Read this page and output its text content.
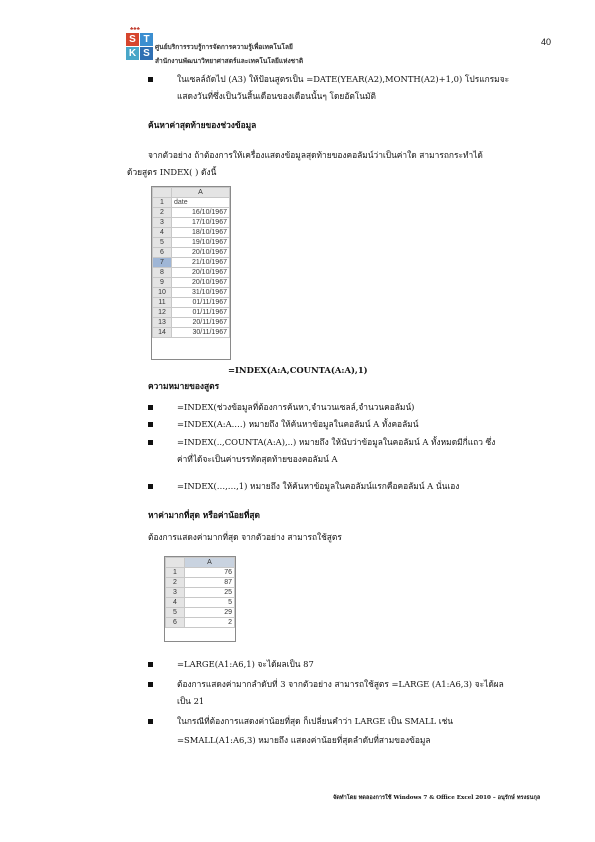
40
♣♣♣
S T
K S
ศูนย์บริการรวบรู้การจัดการความรู้เพื่อเทคโนโลยี
สำนักงานพัฒนาวิทยาศาสตร์และเทคโนโลยีแห่งชาติ
ในเซลล์ถัดไป (A3) ให้ป้อนสูตรเป็น =DATE(YEAR(A2),MONTH(A2)+1,0) โปรแกรมจะ
แสดงวันที่ซึ่งเป็นวันสิ้นเดือนของเดือนนั้นๆ โดยอัตโนมัติ
ค้นหาค่าสุดท้ายของช่วงข้อมูล
จากตัวอย่าง ถ้าต้องการให้เครื่องแสดงข้อมูลสุดท้ายของคอลัมน์ว่าเป็นค่าใด สามารถกระทำได้
ด้วยสูตร INDEX( ) ดังนี้
	A
1	date
2	16/10/1967
3	17/10/1967
4	18/10/1967
5	19/10/1967
6	20/10/1967
7	21/10/1967
8	20/10/1967
9	20/10/1967
10	31/10/1967
11	01/11/1967
12	01/11/1967
13	20/11/1967
14	30/11/1967
=INDEX(A:A,COUNTA(A:A),1)
ความหมายของสูตร
=INDEX(ช่วงข้อมูลที่ต้องการค้นหา,จำนวนเซลล์,จำนวนคอลัมน์)
=INDEX(A:A.…) หมายถึง ให้ค้นหาข้อมูลในคอลัมน์ A ทั้งคอลัมน์
=INDEX(..,COUNTA(A:A),..) หมายถึง ให้นับว่าข้อมูลในคอลัมน์ A ทั้งหมดมีกี่แถว ซึ่ง
ค่าที่ได้จะเป็นค่าบรรทัดสุดท้ายของคอลัมน์ A
=INDEX(…,…,1) หมายถึง ให้ค้นหาข้อมูลในคอลัมน์แรกคือคอลัมน์ A นั่นเอง
หาค่ามากที่สุด หรือค่าน้อยที่สุด
ต้องการแสดงค่ามากที่สุด จากตัวอย่าง สามารถใช้สูตร
	A
1	76
2	87
3	25
4	5
5	29
6	2
=LARGE(A1:A6,1) จะได้ผลเป็น 87
ต้องการแสดงค่ามากลำดับที่ 3 จากตัวอย่าง สามารถใช้สูตร =LARGE (A1:A6,3) จะได้ผล
เป็น 21
ในกรณีที่ต้องการแสดงค่าน้อยที่สุด ก็เปลี่ยนคำว่า LARGE เป็น SMALL เช่น
=SMALL(A1:A6,3) หมายถึง แสดงค่าน้อยที่สุดลำดับที่สามของข้อมูล
จัดทำโดย ทดลองการใช้ Windows 7 & Office Excel 2010 – อนุรักษ์ ทรงธนกุล
